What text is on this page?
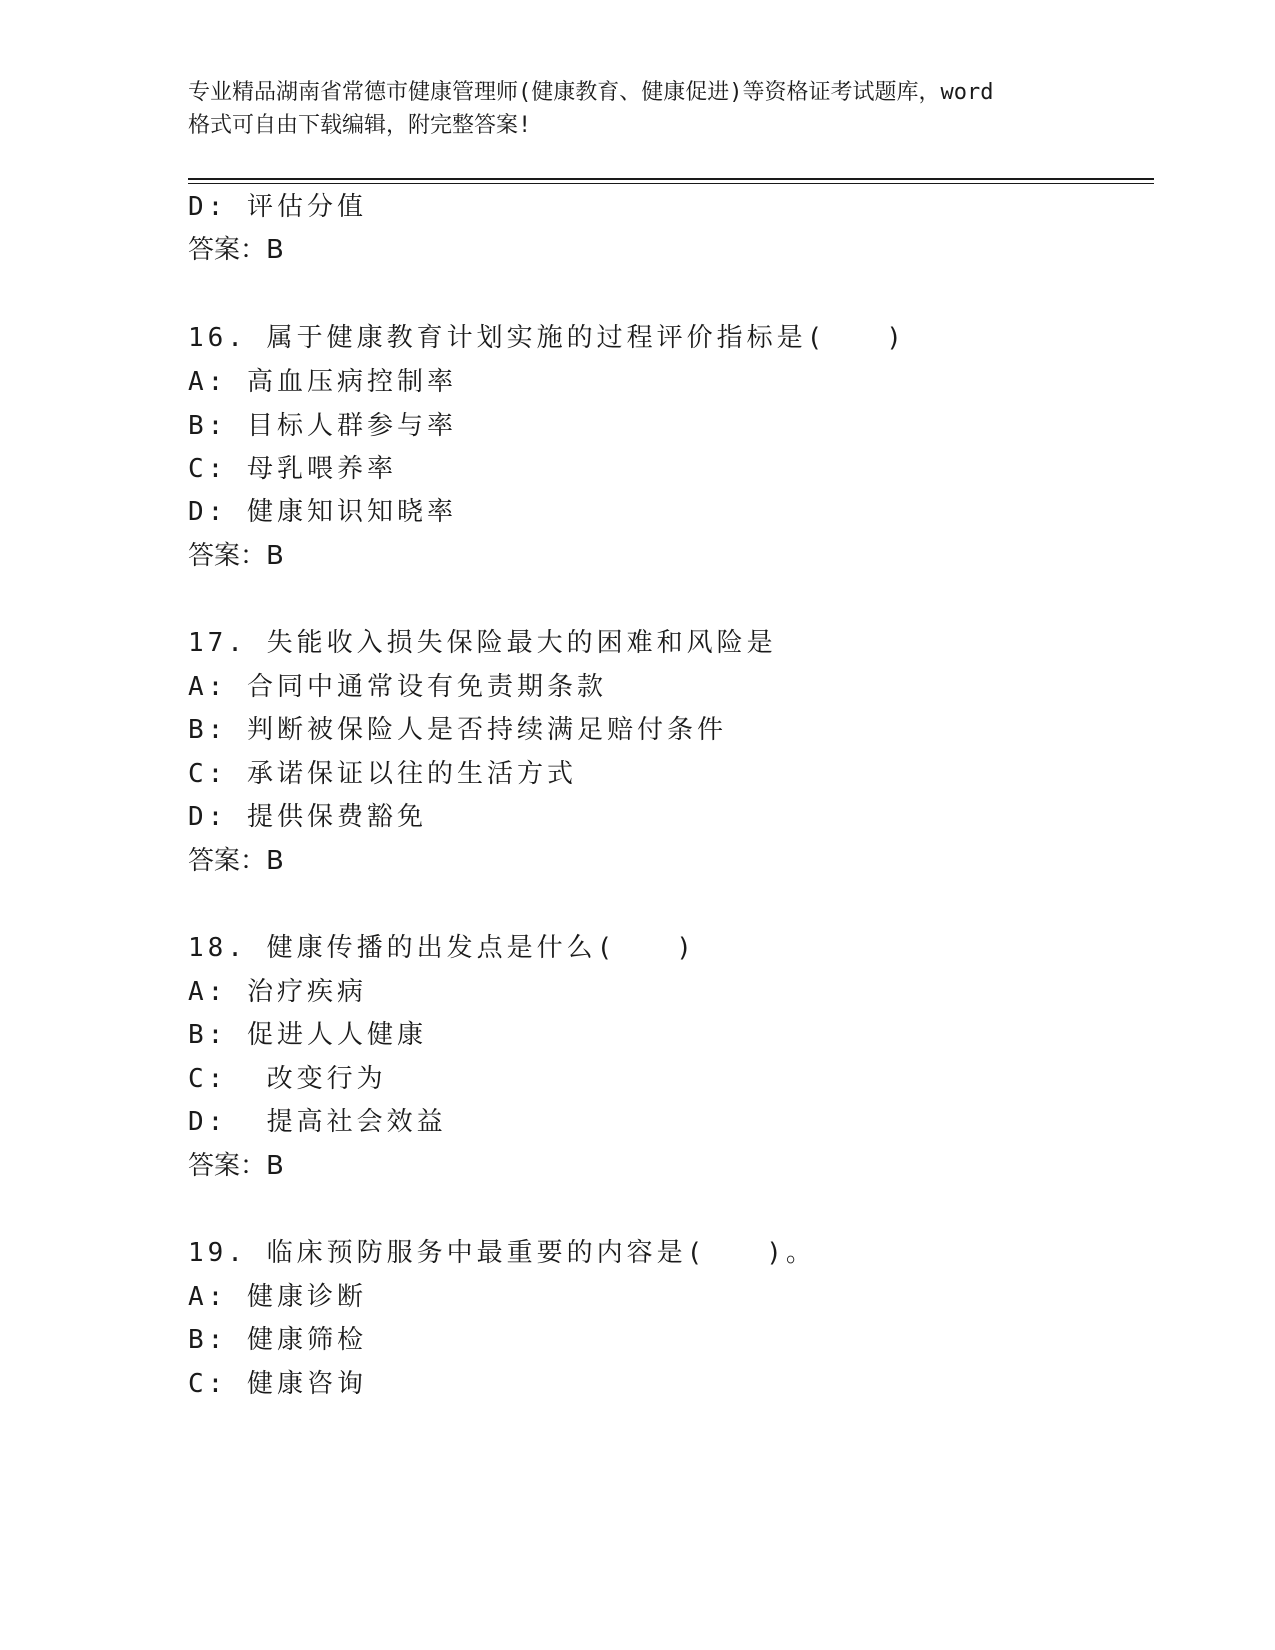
专业精品湖南省常德市健康管理师(健康教育、健康促进)等资格证考试题库，word
格式可自由下载编辑，附完整答案!
D: 评估分值
答案：B
16. 属于健康教育计划实施的过程评价指标是(　　)
A: 高血压病控制率
B: 目标人群参与率
C: 母乳喂养率
D: 健康知识知晓率
答案：B
17. 失能收入损失保险最大的困难和风险是
A: 合同中通常设有免责期条款
B: 判断被保险人是否持续满足赔付条件
C: 承诺保证以往的生活方式
D: 提供保费豁免
答案：B
18. 健康传播的出发点是什么(　　)
A: 治疗疾病
B: 促进人人健康
C:  改变行为
D:  提高社会效益
答案：B
19. 临床预防服务中最重要的内容是(　　)。
A: 健康诊断
B: 健康筛检
C: 健康咨询
